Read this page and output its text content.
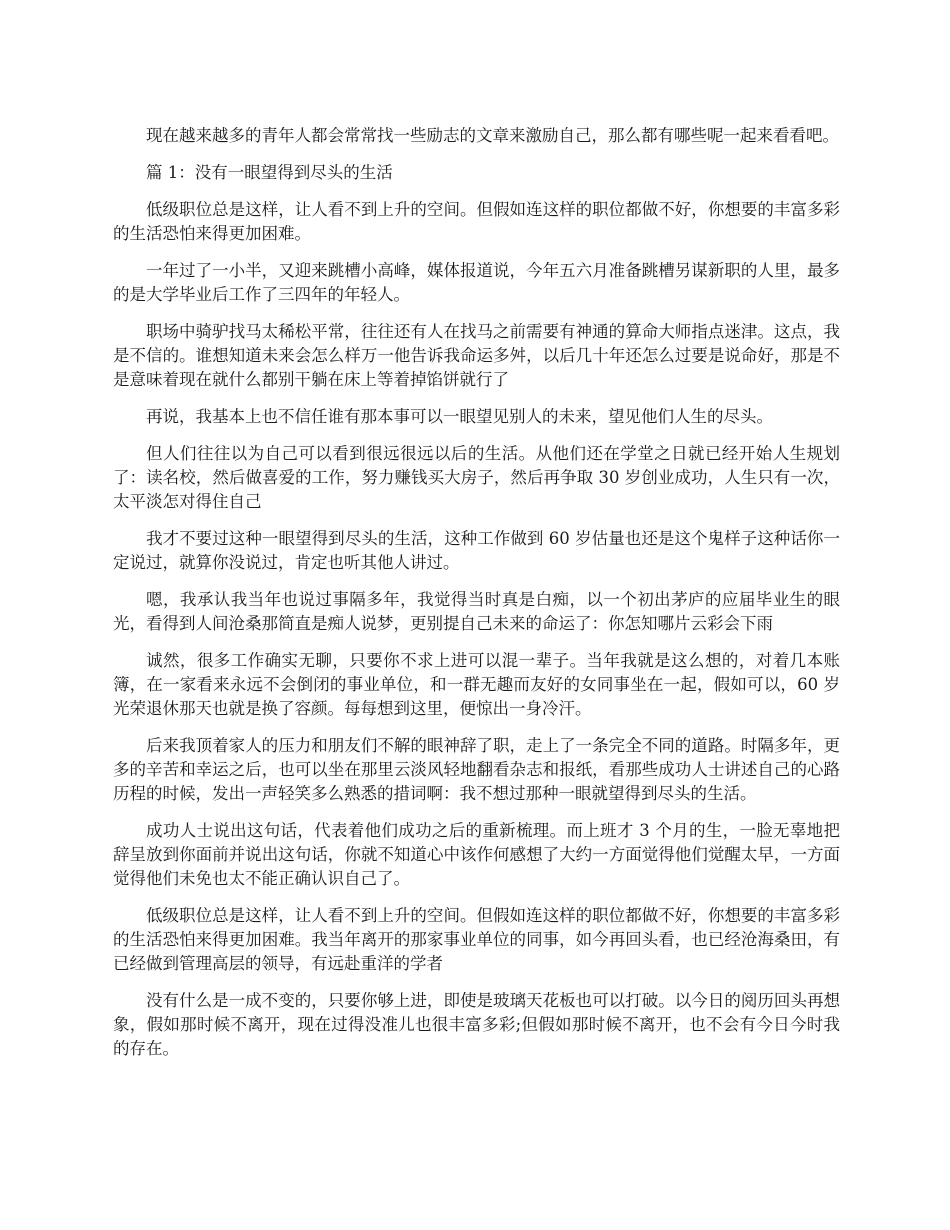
现在越来越多的青年人都会常常找一些励志的文章来激励自己，那么都有哪些呢一起来看看吧。

篇 1：没有一眼望得到尽头的生活

低级职位总是这样，让人看不到上升的空间。但假如连这样的职位都做不好，你想要的丰富多彩的生活恐怕来得更加困难。

一年过了一小半，又迎来跳槽小高峰，媒体报道说，今年五六月准备跳槽另谋新职的人里，最多的是大学毕业后工作了三四年的年轻人。

职场中骑驴找马太稀松平常，往往还有人在找马之前需要有神通的算命大师指点迷津。这点，我是不信的。谁想知道未来会怎么样万一他告诉我命运多舛，以后几十年还怎么过要是说命好，那是不是意味着现在就什么都别干躺在床上等着掉馅饼就行了

再说，我基本上也不信任谁有那本事可以一眼望见别人的未来，望见他们人生的尽头。

但人们往往以为自己可以看到很远很远以后的生活。从他们还在学堂之日就已经开始人生规划了：读名校，然后做喜爱的工作，努力赚钱买大房子，然后再争取 30 岁创业成功，人生只有一次，太平淡怎对得住自己

我才不要过这种一眼望得到尽头的生活，这种工作做到 60 岁估量也还是这个鬼样子这种话你一定说过，就算你没说过，肯定也听其他人讲过。

嗯，我承认我当年也说过事隔多年，我觉得当时真是白痴，以一个初出茅庐的应届毕业生的眼光，看得到人间沧桑那简直是痴人说梦，更别提自己未来的命运了：你怎知哪片云彩会下雨

诚然，很多工作确实无聊，只要你不求上进可以混一辈子。当年我就是这么想的，对着几本账簿，在一家看来永远不会倒闭的事业单位，和一群无趣而友好的女同事坐在一起，假如可以，60 岁光荣退休那天也就是换了容颜。每每想到这里，便惊出一身冷汗。

后来我顶着家人的压力和朋友们不解的眼神辞了职，走上了一条完全不同的道路。时隔多年，更多的辛苦和幸运之后，也可以坐在那里云淡风轻地翻看杂志和报纸，看那些成功人士讲述自己的心路历程的时候，发出一声轻笑多么熟悉的措词啊：我不想过那种一眼就望得到尽头的生活。

成功人士说出这句话，代表着他们成功之后的重新梳理。而上班才 3 个月的生，一脸无辜地把辞呈放到你面前并说出这句话，你就不知道心中该作何感想了大约一方面觉得他们觉醒太早，一方面觉得他们未免也太不能正确认识自己了。

低级职位总是这样，让人看不到上升的空间。但假如连这样的职位都做不好，你想要的丰富多彩的生活恐怕来得更加困难。我当年离开的那家事业单位的同事，如今再回头看，也已经沧海桑田，有已经做到管理高层的领导，有远赴重洋的学者

没有什么是一成不变的，只要你够上进，即使是玻璃天花板也可以打破。以今日的阅历回头再想象，假如那时候不离开，现在过得没准儿也很丰富多彩;但假如那时候不离开，也不会有今日今时我的存在。
